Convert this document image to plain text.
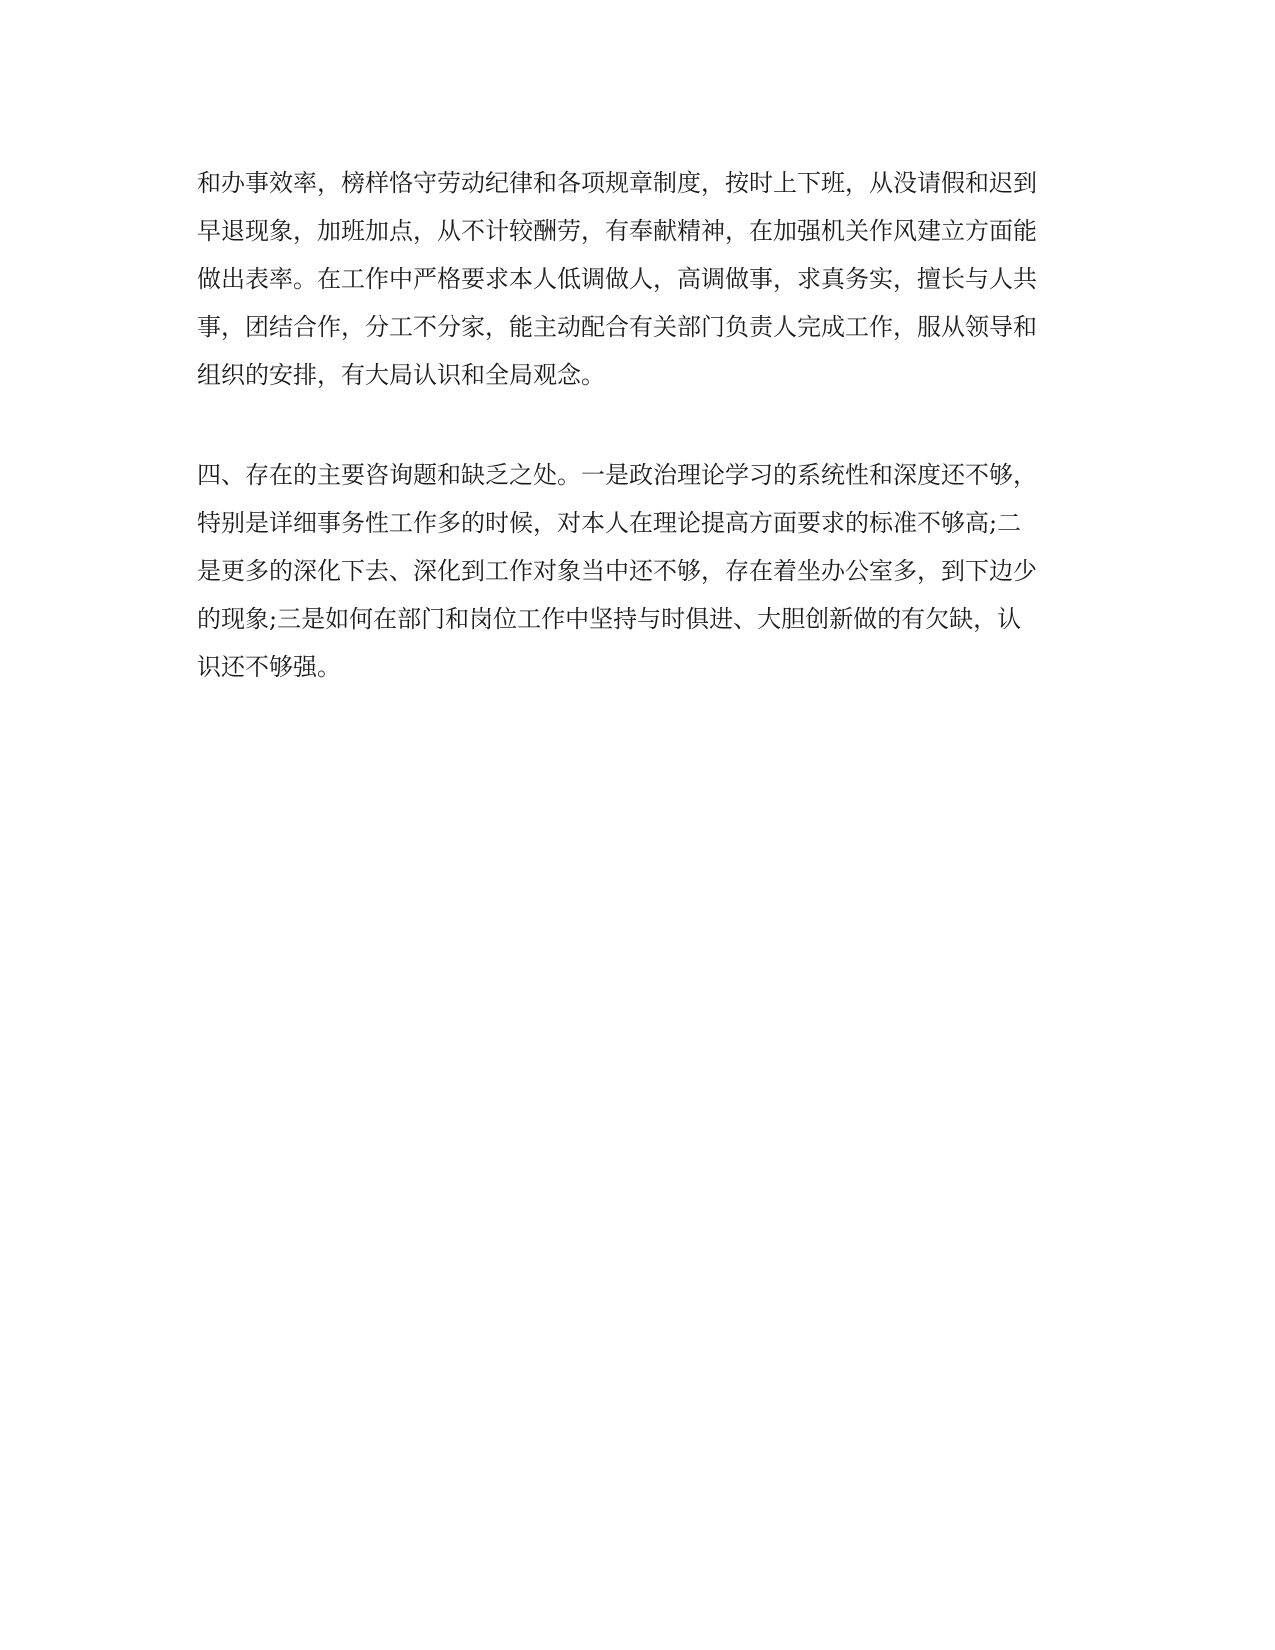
和办事效率，榜样恪守劳动纪律和各项规章制度，按时上下班，从没请假和迟到
早退现象，加班加点，从不计较酬劳，有奉献精神，在加强机关作风建立方面能
做出表率。在工作中严格要求本人低调做人，高调做事，求真务实，擅长与人共
事，团结合作，分工不分家，能主动配合有关部门负责人完成工作，服从领导和
组织的安排，有大局认识和全局观念。
四、存在的主要咨询题和缺乏之处。一是政治理论学习的系统性和深度还不够，
特别是详细事务性工作多的时候，对本人在理论提高方面要求的标准不够高;二
是更多的深化下去、深化到工作对象当中还不够，存在着坐办公室多，到下边少
的现象;三是如何在部门和岗位工作中坚持与时俱进、大胆创新做的有欠缺，认
识还不够强。
